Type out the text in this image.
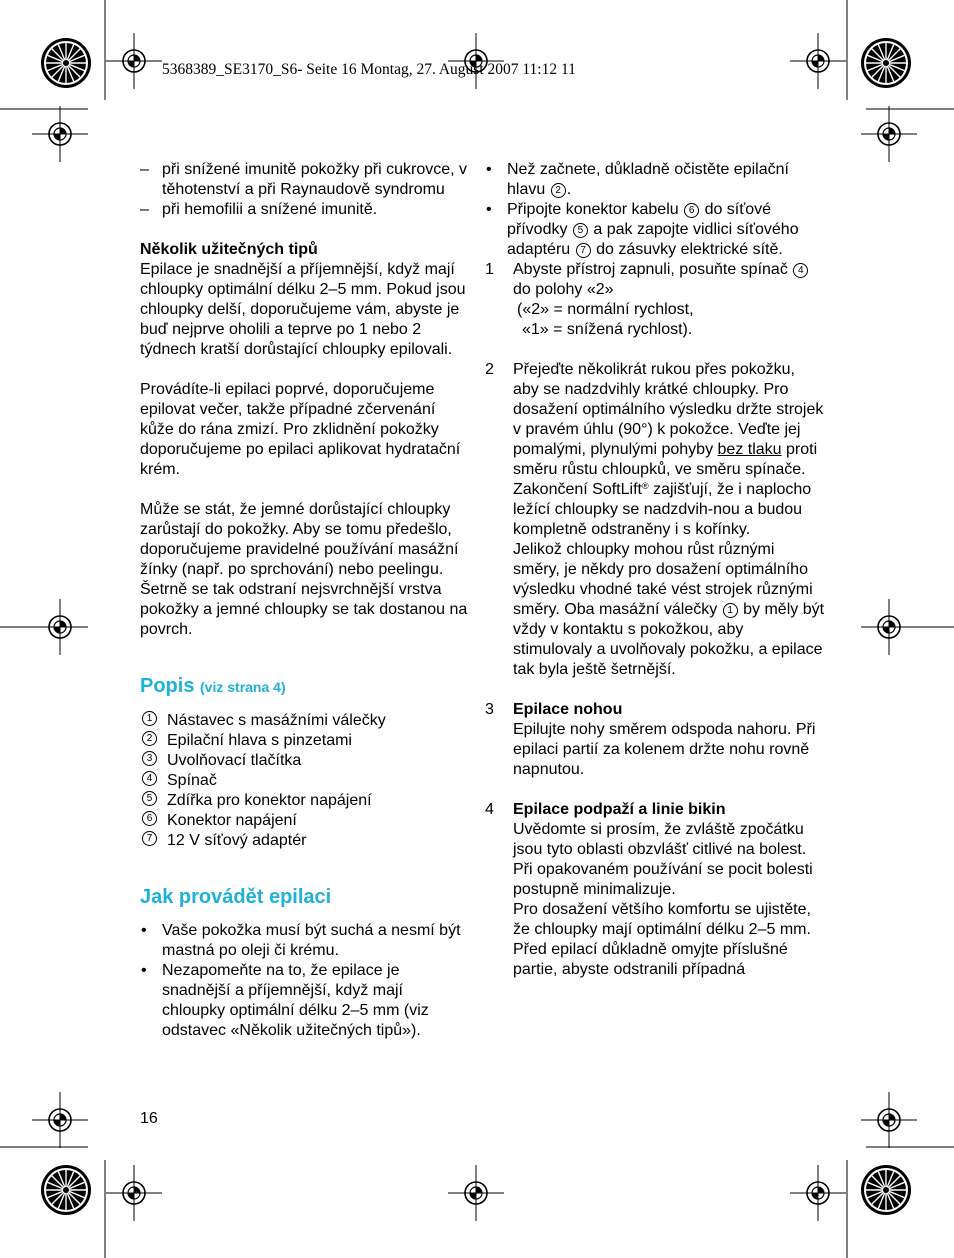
5368389_SE3170_S6- Seite 16 Montag, 27. August 2007 11:12 11
– při snížené imunitě pokožky při cukrovce, v těhotenství a při Raynaudově syndromu
– při hemofilii a snížené imunitě.
Několik užitečných tipů
Epilace je snadnější a příjemnější, když mají chloupky optimální délku 2–5 mm. Pokud jsou chloupky delší, doporučujeme vám, abyste je buď nejprve oholili a teprve po 1 nebo 2 týdnech kratší dorůstající chloupky epilovali.
Provádíte-li epilaci poprvé, doporučujeme epilovat večer, takže případné zčervenání kůže do rána zmizí. Pro zklidnění pokožky doporučujeme po epilaci aplikovat hydratační krém.
Může se stát, že jemné dorůstající chloupky zarůstají do pokožky. Aby se tomu předešlo, doporučujeme pravidelné používání masážní žínky (např. po sprchování) nebo peelingu. Šetrně se tak odstraní nejsvrchnější vrstva pokožky a jemné chloupky se tak dostanou na povrch.
Popis (viz strana 4)
1 Nástavec s masážními válečky
2 Epilační hlava s pinzetami
3 Uvolňovací tlačítka
4 Spínač
5 Zdířka pro konektor napájení
6 Konektor napájení
7 12 V síťový adaptér
Jak provádět epilaci
• Vaše pokožka musí být suchá a nesmí být mastná po oleji či krému.
• Nezapomeňte na to, že epilace je snadnější a příjemnější, když mají chloupky optimální délku 2–5 mm (viz odstavec «Několik užitečných tipů»).
• Než začnete, důkladně očistěte epilační hlavu 2 .
• Připojte konektor kabelu 6 do síťové přívodky 5 a pak zapojte vidlici síťového adaptéru 7 do zásuvky elektrické sítě.
1 Abyste přístroj zapnuli, posuňte spínač 4 do polohy «2»
(«2» = normální rychlost,
«1» = snížená rychlost).
2 Přejeďte několikrát rukou přes pokožku, aby se nadzdvihly krátké chloupky. Pro dosažení optimálního výsledku držte strojek v pravém úhlu (90°) k pokožce. Veďte jej pomalými, plynulými pohyby bez tlaku proti směru růstu chloupků, ve směru spínače.
Zakončení SoftLift® zajišťují, že i naplocho ležící chloupky se nadzdvih-nou a budou kompletně odstraněny i s kořínky.
Jelikož chloupky mohou růst různými směry, je někdy pro dosažení optimálního výsledku vhodné také vést strojek různými směry. Oba masážní válečky 1 by měly být vždy v kontaktu s pokožkou, aby stimulovaly a uvolňovaly pokožku, a epilace tak byla ještě šetrnější.
3 Epilace nohou
Epilujte nohy směrem odspoda nahoru. Při epilaci partií za kolenem držte nohu rovně napnutou.
4 Epilace podpaží a linie bikin
Uvědomte si prosím, že zvláště zpočátku jsou tyto oblasti obzvlášť citlivé na bolest. Při opakovaném používání se pocit bolesti postupně minimalizuje.
Pro dosažení většího komfortu se ujistěte, že chloupky mají optimální délku 2–5 mm.
Před epilací důkladně omyjte příslušné partie, abyste odstranili případná
16
